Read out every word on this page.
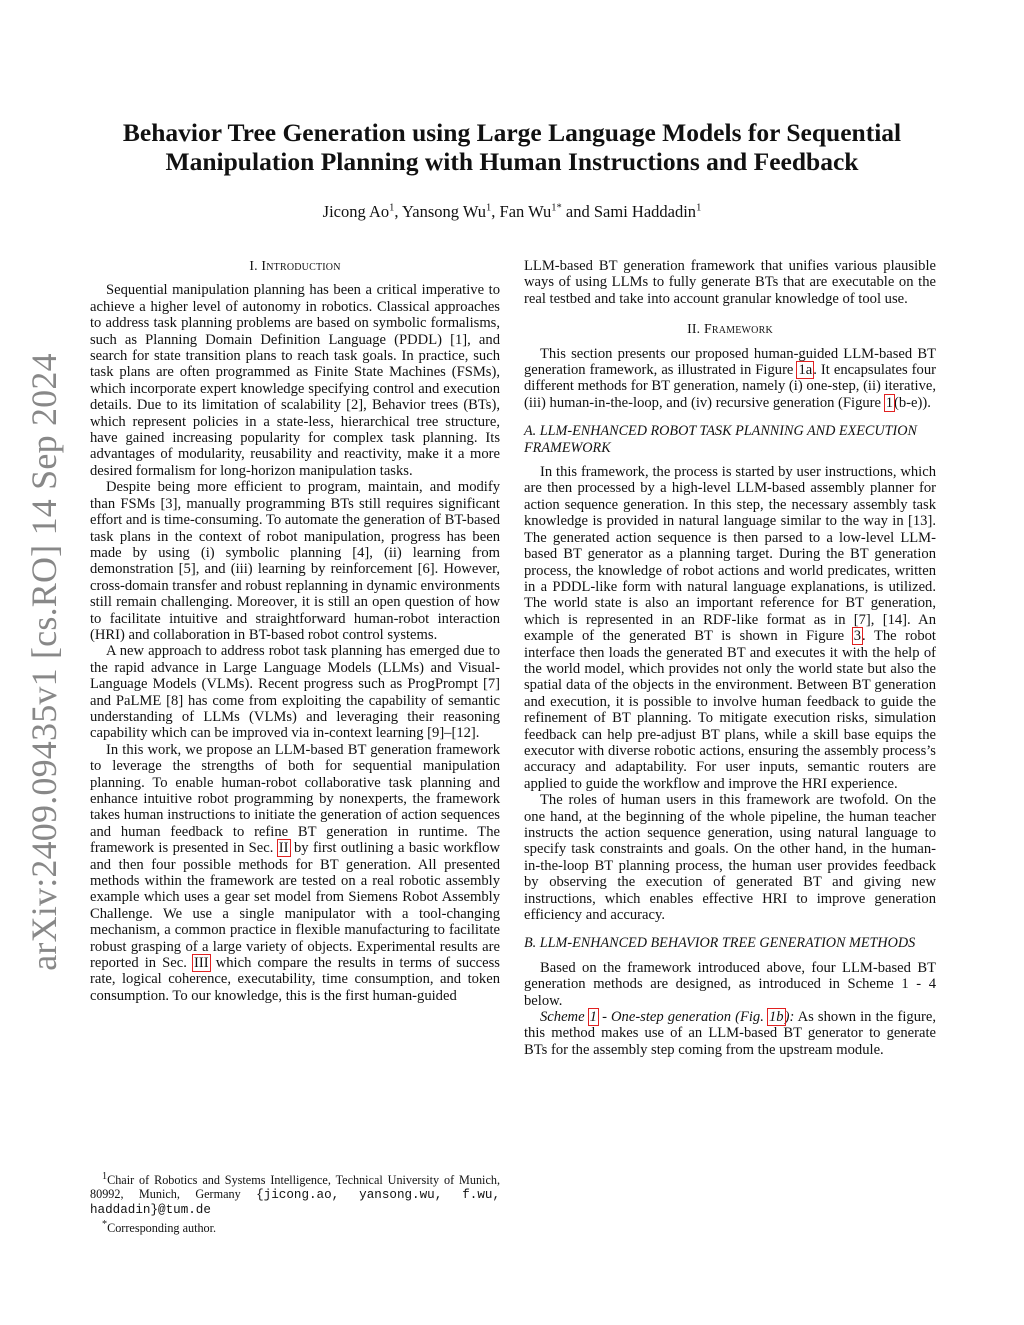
arXiv:2409.09435v1 [cs.RO] 14 Sep 2024
Behavior Tree Generation using Large Language Models for Sequential
Manipulation Planning with Human Instructions and Feedback
Jicong Ao$^1$, Yansong Wu$^1$, Fan $Wu^{1*}$ and Sami Haddadin$^1$
I. Introduction

Sequential manipulation planning has been a critical imperative to achieve a higher level of autonomy in robotics. Classical approaches to address task planning problems are based on symbolic formalisms, such as Planning Domain Definition Language (PDDL) [1], and search for state transition plans to reach task goals. In practice, such task plans are often programmed as Finite State Machines (FSMs), which incorporate expert knowledge specifying control and execution details. Due to its limitation of scalability [2], Behavior trees (BTs), which represent policies in a state-less, hierarchical tree structure, have gained increasing popularity for complex task planning. Its advantages of modularity, reusability and reactivity, make it a more desired formalism for long-horizon manipulation tasks.

Despite being more efficient to program, maintain, and modify than FSMs [3], manually programming BTs still requires significant effort and is time-consuming. To automate the generation of BT-based task plans in the context of robot manipulation, progress has been made by using (i) symbolic planning [4], (ii) learning from demonstration [5], and (iii) learning by reinforcement [6]. However, cross-domain transfer and robust replanning in dynamic environments still remain challenging. Moreover, it is still an open question of how to facilitate intuitive and straightforward human-robot interaction (HRI) and collaboration in BT-based robot control systems.

A new approach to address robot task planning has emerged due to the rapid advance in Large Language Models (LLMs) and Visual-Language Models (VLMs). Recent progress such as ProgPrompt [7] and PaLME [8] has come from exploiting the capability of semantic understanding of LLMs (VLMs) and leveraging their reasoning capability which can be improved via in-context learning [9]–[12].

In this work, we propose an LLM-based BT generation framework to leverage the strengths of both for sequential manipulation planning. To enable human-robot collaborative task planning and enhance intuitive robot programming by nonexperts, the framework takes human instructions to initiate the generation of action sequences and human feedback to refine BT generation in runtime. The framework is presented in Sec. II by first outlining a basic workflow and then four possible methods for BT generation. All presented methods within the framework are tested on a real robotic assembly example which uses a gear set model from Siemens Robot Assembly Challenge. We use a single manipulator with a tool-changing mechanism, a common practice in flexible manufacturing to facilitate robust grasping of a large variety of objects. Experimental results are reported in Sec. III which compare the results in terms of success rate, logical coherence, executability, time consumption, and token consumption. To our knowledge, this is the first human-guided

LLM-based BT generation framework that unifies various plausible ways of using LLMs to fully generate BTs that are executable on the real testbed and take into account granular knowledge of tool use.

II. Framework

This section presents our proposed human-guided LLM-based BT generation framework, as illustrated in Figure 1a. It encapsulates four different methods for BT generation, namely (i) one-step, (ii) iterative, (iii) human-in-the-loop, and (iv) recursive generation (Figure 1(b-e)).

A. LLM-ENHANCED ROBOT TASK PLANNING AND EXECUTION FRAMEWORK

In this framework, the process is started by user instructions, which are then processed by a high-level LLM-based assembly planner for action sequence generation. In this step, the necessary assembly task knowledge is provided in natural language similar to the way in [13]. The generated action sequence is then parsed to a low-level LLM-based BT generator as a planning target. During the BT generation process, the knowledge of robot actions and world predicates, written in a PDDL-like form with natural language explanations, is utilized. The world state is also an important reference for BT generation, which is represented in an RDF-like format as in [7], [14]. An example of the generated BT is shown in Figure 3. The robot interface then loads the generated BT and executes it with the help of the world model, which provides not only the world state but also the spatial data of the objects in the environment. Between BT generation and execution, it is possible to involve human feedback to guide the refinement of BT planning. To mitigate execution risks, simulation feedback can help pre-adjust BT plans, while a skill base equips the executor with diverse robotic actions, ensuring the assembly process’s accuracy and adaptability. For user inputs, semantic routers are applied to guide the workflow and improve the HRI experience.

The roles of human users in this framework are twofold. On the one hand, at the beginning of the whole pipeline, the human teacher instructs the action sequence generation, using natural language to specify task constraints and goals. On the other hand, in the human-in-the-loop BT planning process, the human user provides feedback by observing the execution of generated BT and giving new instructions, which enables effective HRI to improve generation efficiency and accuracy.

B. LLM-ENHANCED BEHAVIOR TREE GENERATION METHODS

Based on the framework introduced above, four LLM-based BT generation methods are designed, as introduced in Scheme 1 - 4 below.

Scheme 1 - One-step generation (Fig. 1b): As shown in the figure, this method makes use of an LLM-based BT generator to generate BTs for the assembly step coming from the upstream module.

$^1$Chair of Robotics and Systems Intelligence, Technical University of Munich, 80992, Munich, Germany {jicong.ao, yansong.wu, f.wu, haddadin}@tum.de

*Corresponding author.
